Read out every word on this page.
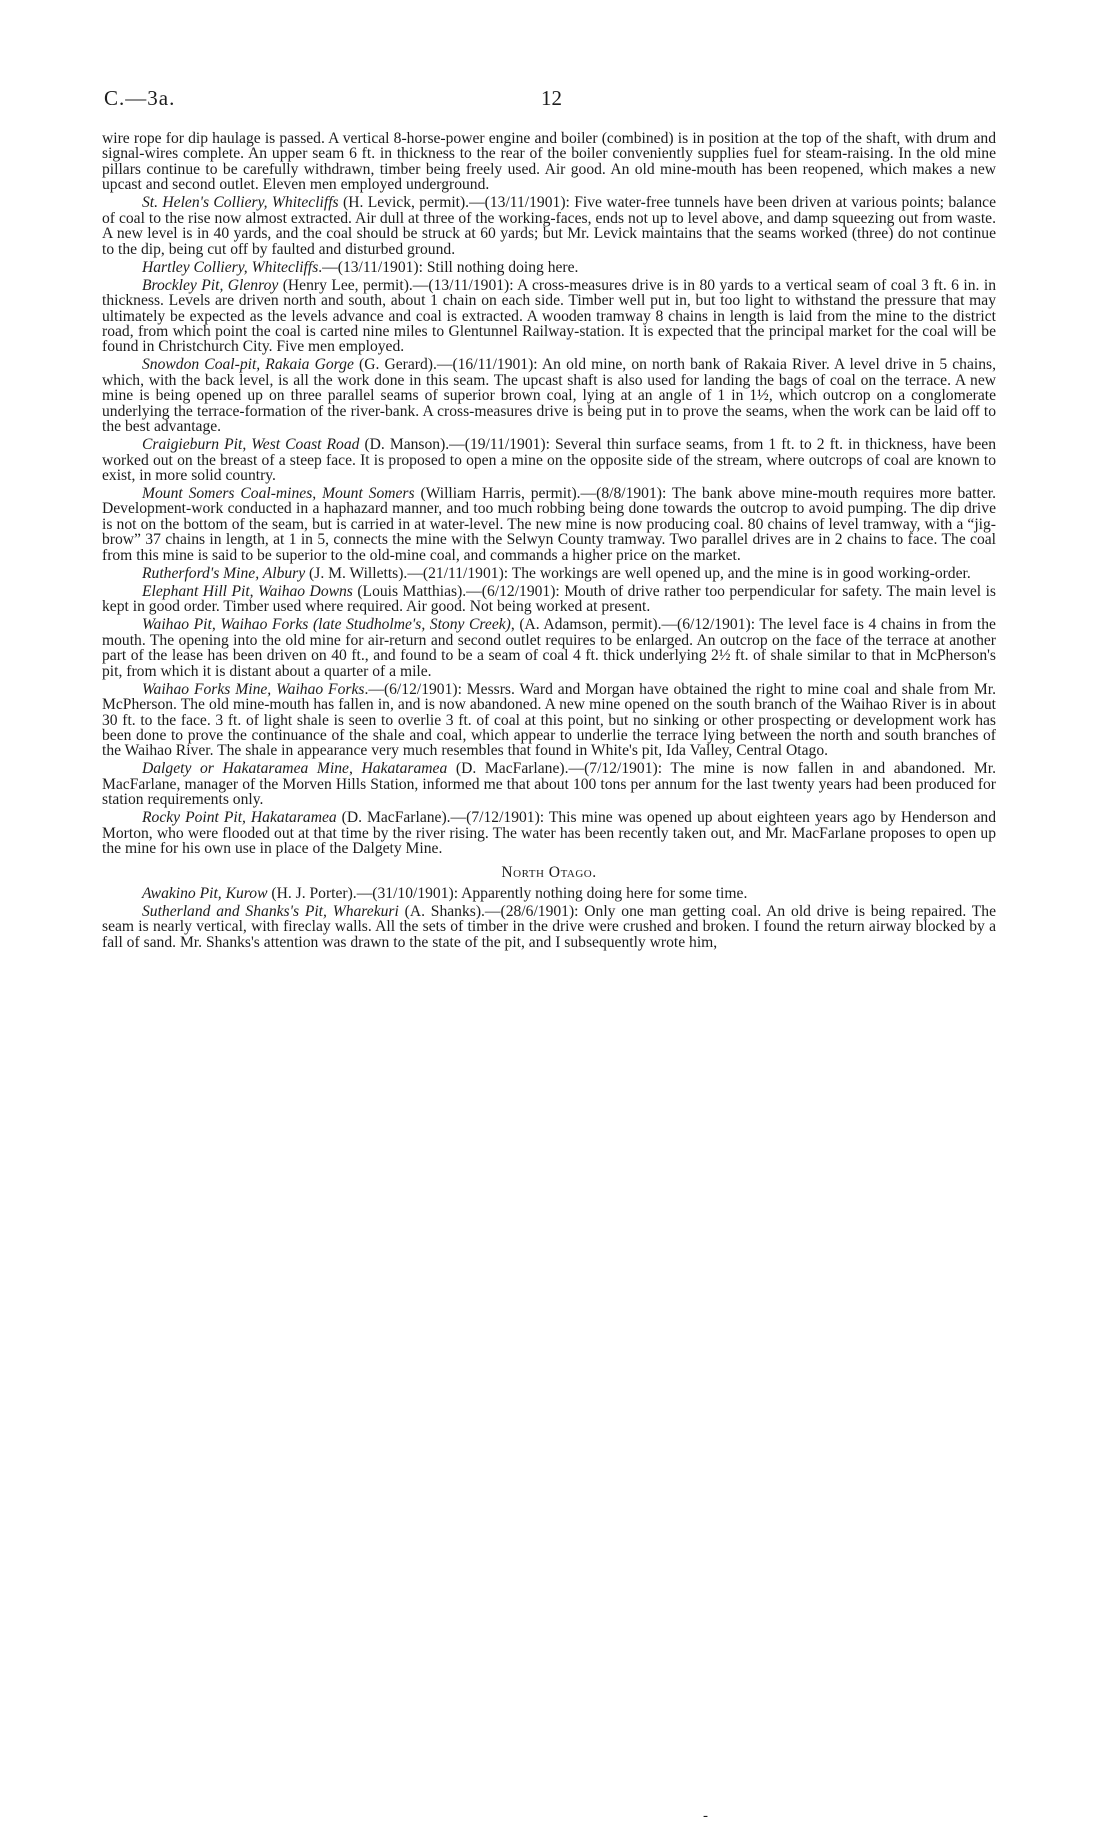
C.—3a.	12

wire rope for dip haulage is passed. A vertical 8-horse-power engine and boiler (combined) is in position at the top of the shaft, with drum and signal-wires complete. An upper seam 6 ft. in thickness to the rear of the boiler conveniently supplies fuel for steam-raising. In the old mine pillars continue to be carefully withdrawn, timber being freely used. Air good. An old mine-mouth has been reopened, which makes a new upcast and second outlet. Eleven men employed underground.

St. Helen's Colliery, Whitecliffs (H. Levick, permit).—(13/11/1901): Five water-free tunnels have been driven at various points; balance of coal to the rise now almost extracted. Air dull at three of the working-faces, ends not up to level above, and damp squeezing out from waste. A new level is in 40 yards, and the coal should be struck at 60 yards; but Mr. Levick maintains that the seams worked (three) do not continue to the dip, being cut off by faulted and disturbed ground.

Hartley Colliery, Whitecliffs.—(13/11/1901): Still nothing doing here.

Brockley Pit, Glenroy (Henry Lee, permit).—(13/11/1901): A cross-measures drive is in 80 yards to a vertical seam of coal 3 ft. 6 in. in thickness. Levels are driven north and south, about 1 chain on each side. Timber well put in, but too light to withstand the pressure that may ultimately be expected as the levels advance and coal is extracted. A wooden tramway 8 chains in length is laid from the mine to the district road, from which point the coal is carted nine miles to Glentunnel Railway-station. It is expected that the principal market for the coal will be found in Christchurch City. Five men employed.

Snowdon Coal-pit, Rakaia Gorge (G. Gerard).—(16/11/1901): An old mine, on north bank of Rakaia River. A level drive in 5 chains, which, with the back level, is all the work done in this seam. The upcast shaft is also used for landing the bags of coal on the terrace. A new mine is being opened up on three parallel seams of superior brown coal, lying at an angle of 1 in 1½, which outcrop on a conglomerate underlying the terrace-formation of the river-bank. A cross-measures drive is being put in to prove the seams, when the work can be laid off to the best advantage.

Craigieburn Pit, West Coast Road (D. Manson).—(19/11/1901): Several thin surface seams, from 1 ft. to 2 ft. in thickness, have been worked out on the breast of a steep face. It is proposed to open a mine on the opposite side of the stream, where outcrops of coal are known to exist, in more solid country.

Mount Somers Coal-mines, Mount Somers (William Harris, permit).—(8/8/1901): The bank above mine-mouth requires more batter. Development-work conducted in a haphazard manner, and too much robbing being done towards the outcrop to avoid pumping. The dip drive is not on the bottom of the seam, but is carried in at water-level. The new mine is now producing coal. 80 chains of level tramway, with a “jig-brow” 37 chains in length, at 1 in 5, connects the mine with the Selwyn County tramway. Two parallel drives are in 2 chains to face. The coal from this mine is said to be superior to the old-mine coal, and commands a higher price on the market.

Rutherford's Mine, Albury (J. M. Willetts).—(21/11/1901): The workings are well opened up, and the mine is in good working-order.

Elephant Hill Pit, Waihao Downs (Louis Matthias).—(6/12/1901): Mouth of drive rather too perpendicular for safety. The main level is kept in good order. Timber used where required. Air good. Not being worked at present.

Waihao Pit, Waihao Forks (late Studholme's, Stony Creek), (A. Adamson, permit).—(6/12/1901): The level face is 4 chains in from the mouth. The opening into the old mine for air-return and second outlet requires to be enlarged. An outcrop on the face of the terrace at another part of the lease has been driven on 40 ft., and found to be a seam of coal 4 ft. thick underlying 2½ ft. of shale similar to that in McPherson's pit, from which it is distant about a quarter of a mile.

Waihao Forks Mine, Waihao Forks.—(6/12/1901): Messrs. Ward and Morgan have obtained the right to mine coal and shale from Mr. McPherson. The old mine-mouth has fallen in, and is now abandoned. A new mine opened on the south branch of the Waihao River is in about 30 ft. to the face. 3 ft. of light shale is seen to overlie 3 ft. of coal at this point, but no sinking or other prospecting or development work has been done to prove the continuance of the shale and coal, which appear to underlie the terrace lying between the north and south branches of the Waihao River. The shale in appearance very much resembles that found in White's pit, Ida Valley, Central Otago.

Dalgety or Hakataramea Mine, Hakataramea (D. MacFarlane).—(7/12/1901): The mine is now fallen in and abandoned. Mr. MacFarlane, manager of the Morven Hills Station, informed me that about 100 tons per annum for the last twenty years had been produced for station requirements only.

Rocky Point Pit, Hakataramea (D. MacFarlane).—(7/12/1901): This mine was opened up about eighteen years ago by Henderson and Morton, who were flooded out at that time by the river rising. The water has been recently taken out, and Mr. MacFarlane proposes to open up the mine for his own use in place of the Dalgety Mine.

North Otago.

Awakino Pit, Kurow (H. J. Porter).—(31/10/1901): Apparently nothing doing here for some time.

Sutherland and Shanks's Pit, Wharekuri (A. Shanks).—(28/6/1901): Only one man getting coal. An old drive is being repaired. The seam is nearly vertical, with fireclay walls. All the sets of timber in the drive were crushed and broken. I found the return airway blocked by a fall of sand. Mr. Shanks's attention was drawn to the state of the pit, and I subsequently wrote him,

-
